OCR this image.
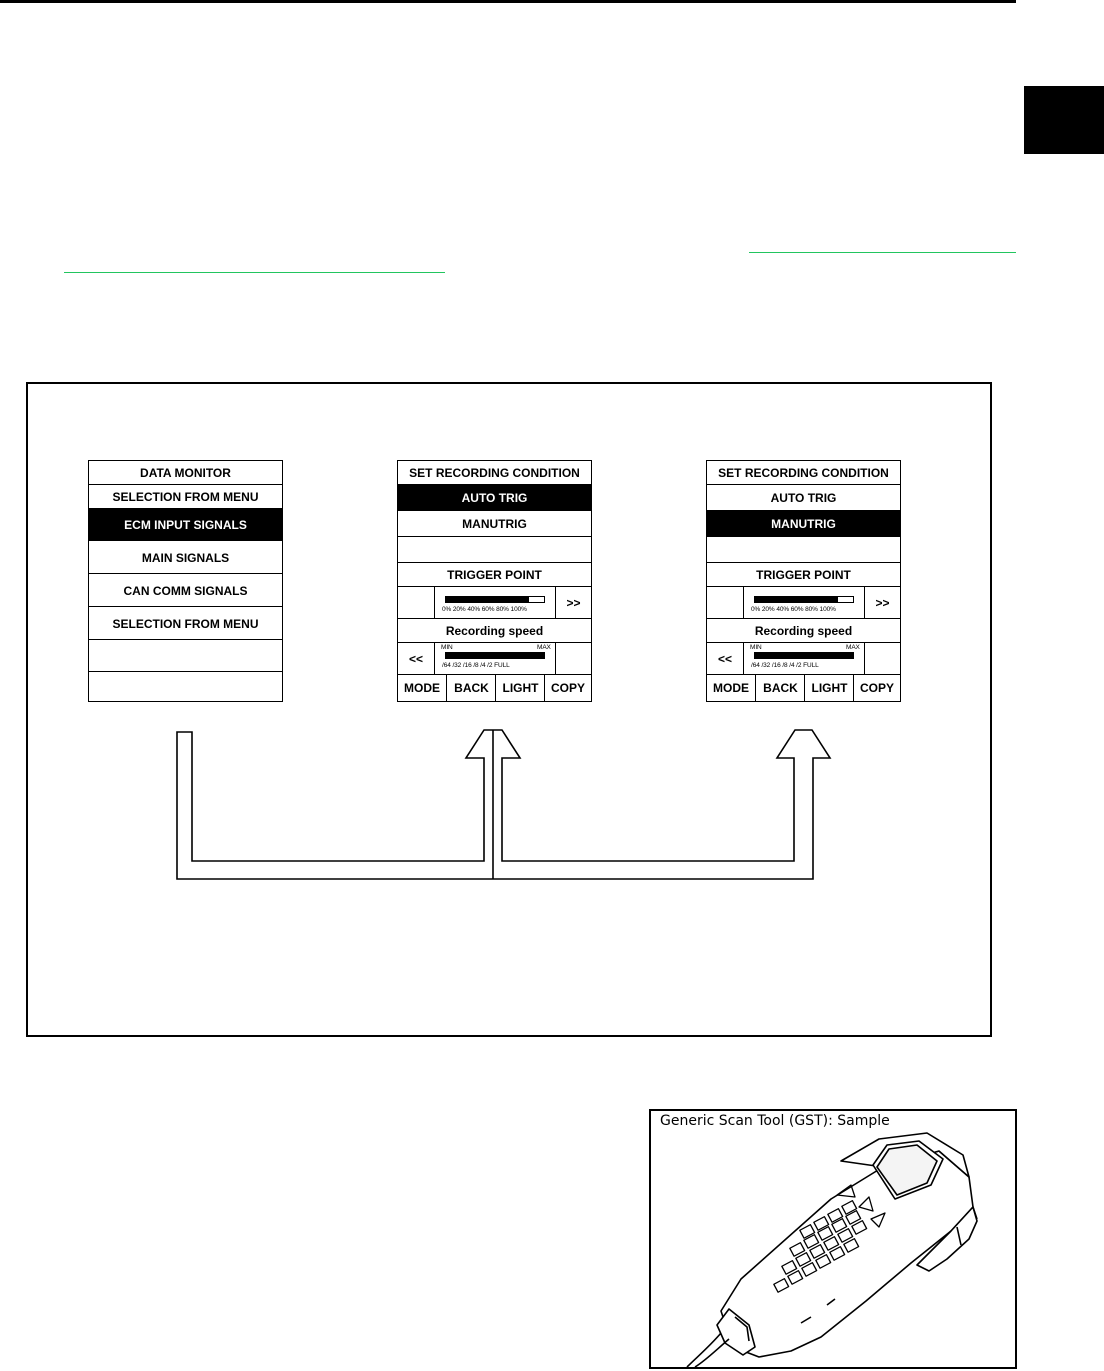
DATA MONITOR
SELECTION FROM MENU
ECM INPUT SIGNALS
MAIN SIGNALS
CAN COMM SIGNALS
SELECTION FROM MENU
SET RECORDING CONDITION
AUTO TRIG
MANUTRIG
TRIGGER POINT
0% 20% 40% 60% 80% 100%	>>
Recording speed
<<
MIN	MAX
/64 /32 /16 /8 /4 /2 FULL
MODE	BACK	LIGHT	COPY
SET RECORDING CONDITION
AUTO TRIG
MANUTRIG
TRIGGER POINT
0% 20% 40% 60% 80% 100%	>>
Recording speed
<<
MIN	MAX
/64 /32 /16 /8 /4 /2 FULL
MODE	BACK	LIGHT	COPY
Generic Scan Tool (GST): Sample
